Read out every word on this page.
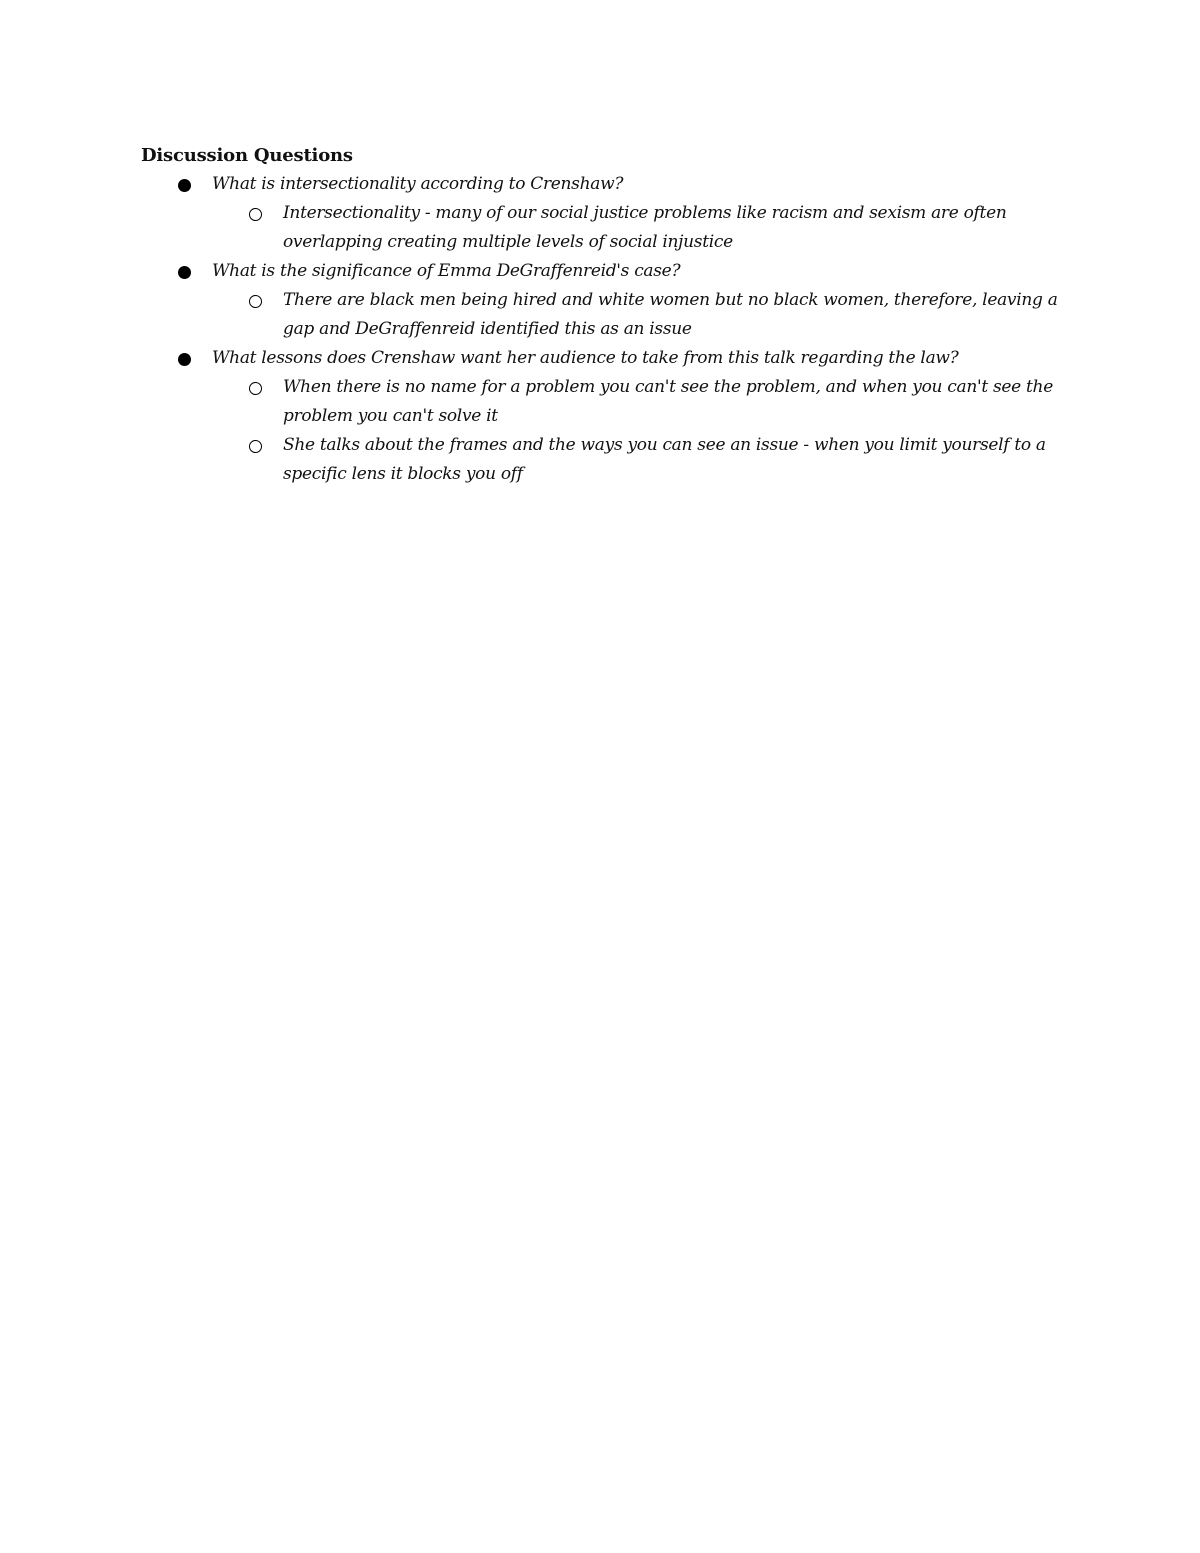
Discussion Questions
What is intersectionality according to Crenshaw?
Intersectionality - many of our social justice problems like racism and sexism are often overlapping creating multiple levels of social injustice
What is the significance of Emma DeGraffenreid's case?
There are black men being hired and white women but no black women, therefore, leaving a gap and DeGraffenreid identified this as an issue
What lessons does Crenshaw want her audience to take from this talk regarding the law?
When there is no name for a problem you can't see the problem, and when you can't see the problem you can't solve it
She talks about the frames and the ways you can see an issue - when you limit yourself to a specific lens it blocks you off
